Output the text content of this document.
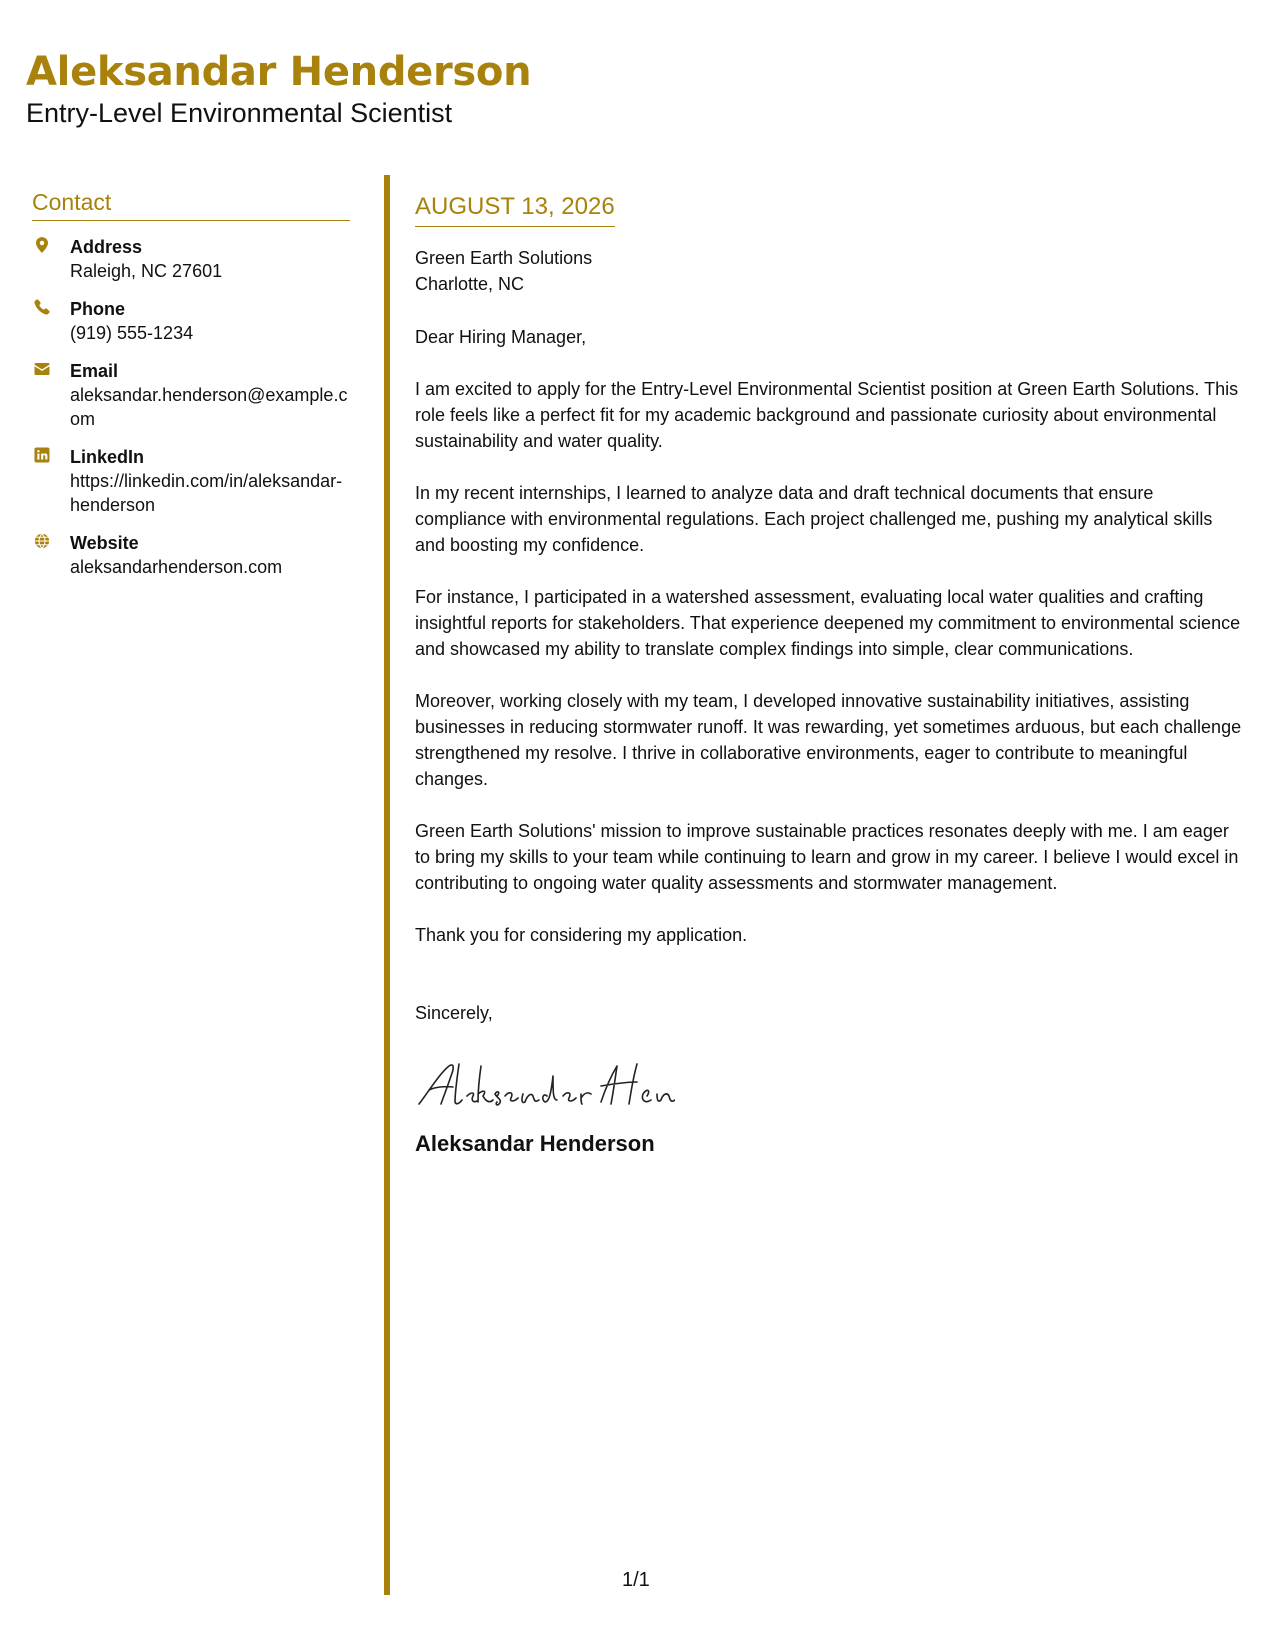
Aleksandar Henderson
Entry-Level Environmental Scientist
Contact
Address
Raleigh, NC 27601
Phone
(919) 555-1234
Email
aleksandar.henderson@example.com
LinkedIn
https://linkedin.com/in/aleksandar-henderson
Website
aleksandarhenderson.com
AUGUST 13, 2026
Green Earth Solutions
Charlotte, NC

Dear Hiring Manager,

I am excited to apply for the Entry-Level Environmental Scientist position at Green Earth Solutions. This role feels like a perfect fit for my academic background and passionate curiosity about environmental sustainability and water quality.

In my recent internships, I learned to analyze data and draft technical documents that ensure compliance with environmental regulations. Each project challenged me, pushing my analytical skills and boosting my confidence.

For instance, I participated in a watershed assessment, evaluating local water qualities and crafting insightful reports for stakeholders. That experience deepened my commitment to environmental science and showcased my ability to translate complex findings into simple, clear communications.

Moreover, working closely with my team, I developed innovative sustainability initiatives, assisting businesses in reducing stormwater runoff. It was rewarding, yet sometimes arduous, but each challenge strengthened my resolve. I thrive in collaborative environments, eager to contribute to meaningful changes.

Green Earth Solutions' mission to improve sustainable practices resonates deeply with me. I am eager to bring my skills to your team while continuing to learn and grow in my career. I believe I would excel in contributing to ongoing water quality assessments and stormwater management.

Thank you for considering my application.

Sincerely,

Aleksandar Henderson
1/1
